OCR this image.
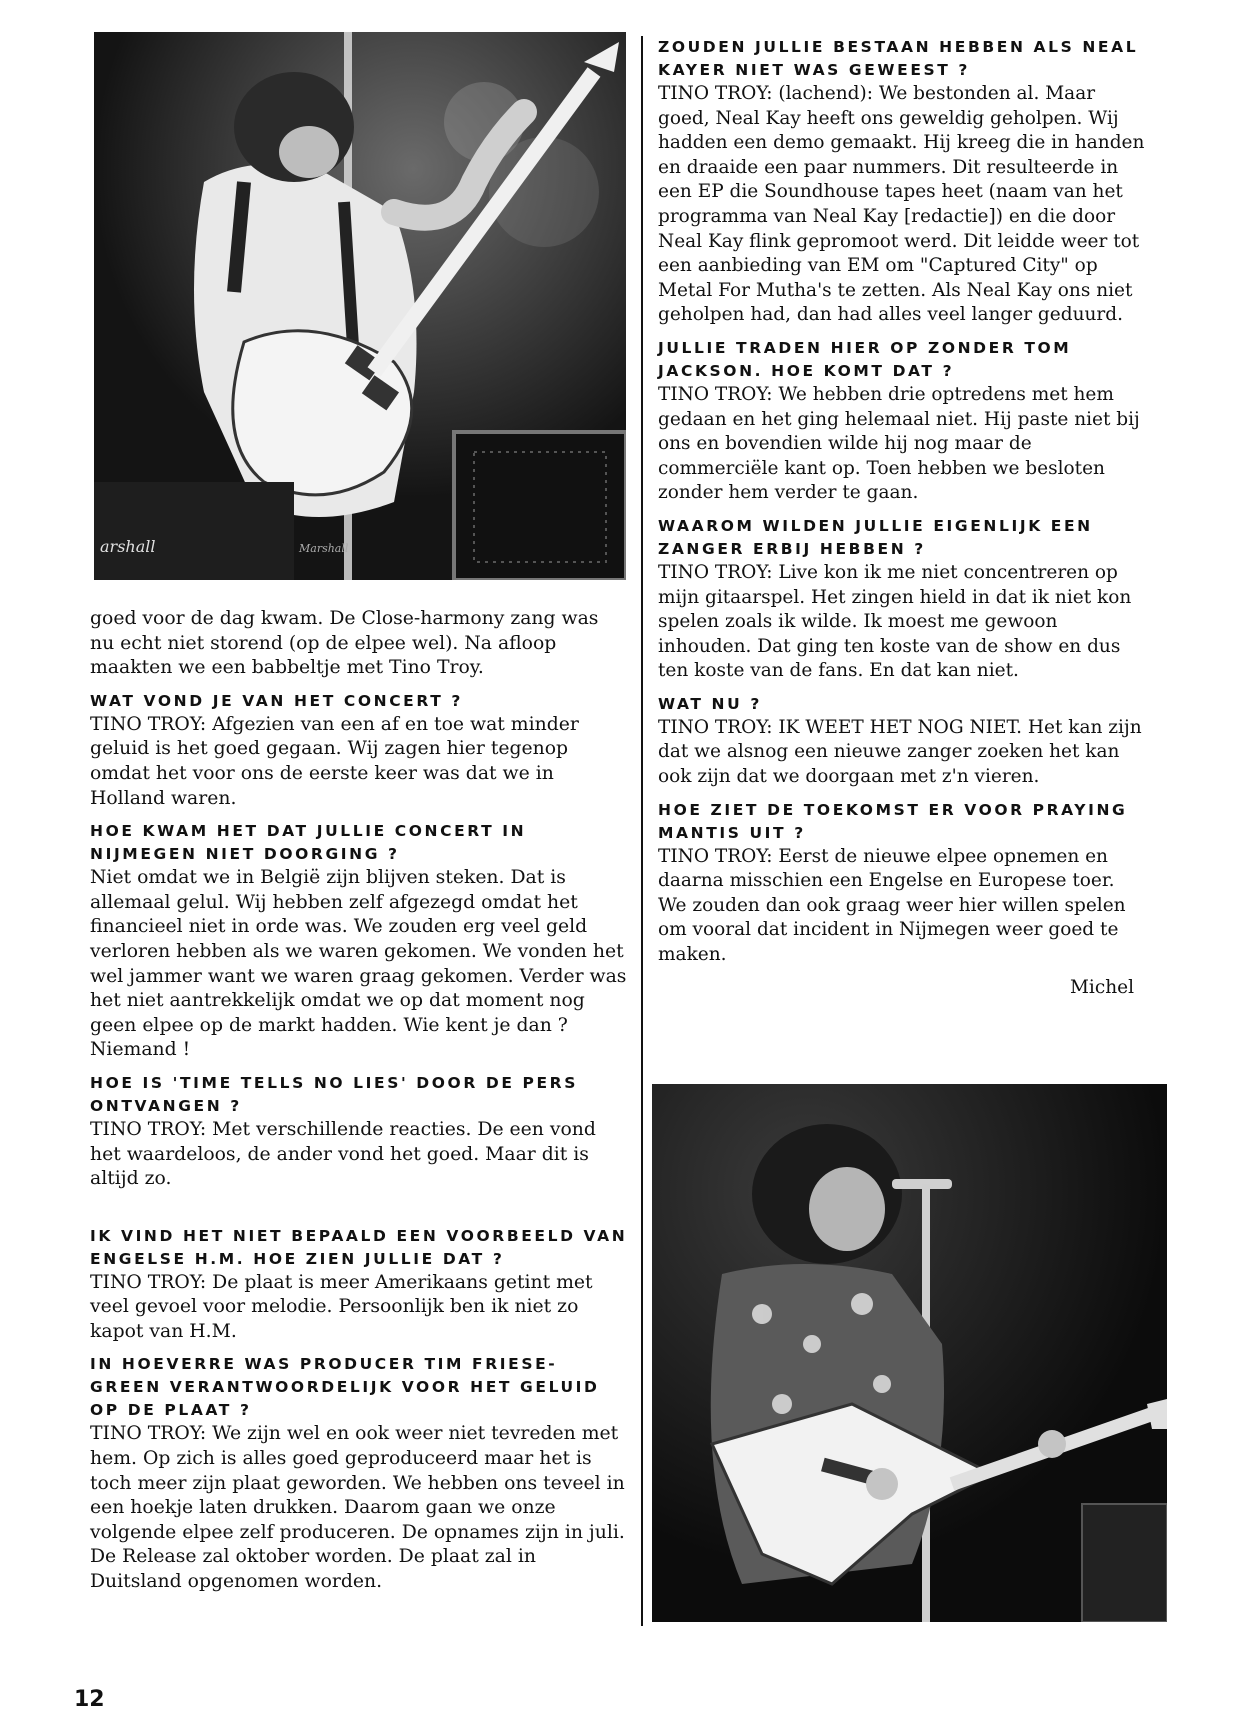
arshall	Marshall

goed voor de dag kwam. De Close-harmony zang was nu echt niet storend (op de elpee wel). Na afloop maakten we een babbeltje met Tino Troy.

WAT VOND JE VAN HET CONCERT ?

TINO TROY: Afgezien van een af en toe wat minder geluid is het goed gegaan. Wij zagen hier tegenop omdat het voor ons de eerste keer was dat we in Holland waren.

HOE KWAM HET DAT JULLIE CONCERT IN NIJMEGEN NIET DOORGING ?

Niet omdat we in België zijn blijven steken. Dat is allemaal gelul. Wij hebben zelf afgezegd omdat het financieel niet in orde was. We zouden erg veel geld verloren hebben als we waren gekomen. We vonden het wel jammer want we waren graag gekomen. Verder was het niet aantrekkelijk omdat we op dat moment nog geen elpee op de markt hadden. Wie kent je dan ? Niemand !

HOE IS 'TIME TELLS NO LIES' DOOR DE PERS ONTVANGEN ?

TINO TROY: Met verschillende reacties. De een vond het waardeloos, de ander vond het goed. Maar dit is altijd zo.

IK VIND HET NIET BEPAALD EEN VOORBEELD VAN ENGELSE H.M. HOE ZIEN JULLIE DAT ?

TINO TROY: De plaat is meer Amerikaans getint met veel gevoel voor melodie. Persoonlijk ben ik niet zo kapot van H.M.

IN HOEVERRE WAS PRODUCER TIM FRIESE-GREEN VERANTWOORDELIJK VOOR HET GELUID OP DE PLAAT ?

TINO TROY: We zijn wel en ook weer niet tevreden met hem. Op zich is alles goed geproduceerd maar het is toch meer zijn plaat geworden. We hebben ons teveel in een hoekje laten drukken. Daarom gaan we onze volgende elpee zelf produceren. De opnames zijn in juli. De Release zal oktober worden. De plaat zal in Duitsland opgenomen worden.

ZOUDEN JULLIE BESTAAN HEBBEN ALS NEAL KAYER NIET WAS GEWEEST ?

TINO TROY: (lachend): We bestonden al. Maar goed, Neal Kay heeft ons geweldig geholpen. Wij hadden een demo gemaakt. Hij kreeg die in handen en draaide een paar nummers. Dit resulteerde in een EP die Soundhouse tapes heet (naam van het programma van Neal Kay [redactie]) en die door Neal Kay flink gepromoot werd. Dit leidde weer tot een aanbieding van EM om "Captured City" op Metal For Mutha's te zetten. Als Neal Kay ons niet geholpen had, dan had alles veel langer geduurd.

JULLIE TRADEN HIER OP ZONDER TOM JACKSON. HOE KOMT DAT ?

TINO TROY: We hebben drie optredens met hem gedaan en het ging helemaal niet. Hij paste niet bij ons en bovendien wilde hij nog maar de commerciële kant op. Toen hebben we besloten zonder hem verder te gaan.

WAAROM WILDEN JULLIE EIGENLIJK EEN ZANGER ERBIJ HEBBEN ?

TINO TROY: Live kon ik me niet concentreren op mijn gitaarspel. Het zingen hield in dat ik niet kon spelen zoals ik wilde. Ik moest me gewoon inhouden. Dat ging ten koste van de show en dus ten koste van de fans. En dat kan niet.

WAT NU ?

TINO TROY: IK WEET HET NOG NIET. Het kan zijn dat we alsnog een nieuwe zanger zoeken het kan ook zijn dat we doorgaan met z'n vieren.

HOE ZIET DE TOEKOMST ER VOOR PRAYING MANTIS UIT ?

TINO TROY: Eerst de nieuwe elpee opnemen en daarna misschien een Engelse en Europese toer. We zouden dan ook graag weer hier willen spelen om vooral dat incident in Nijmegen weer goed te maken.

Michel
12
